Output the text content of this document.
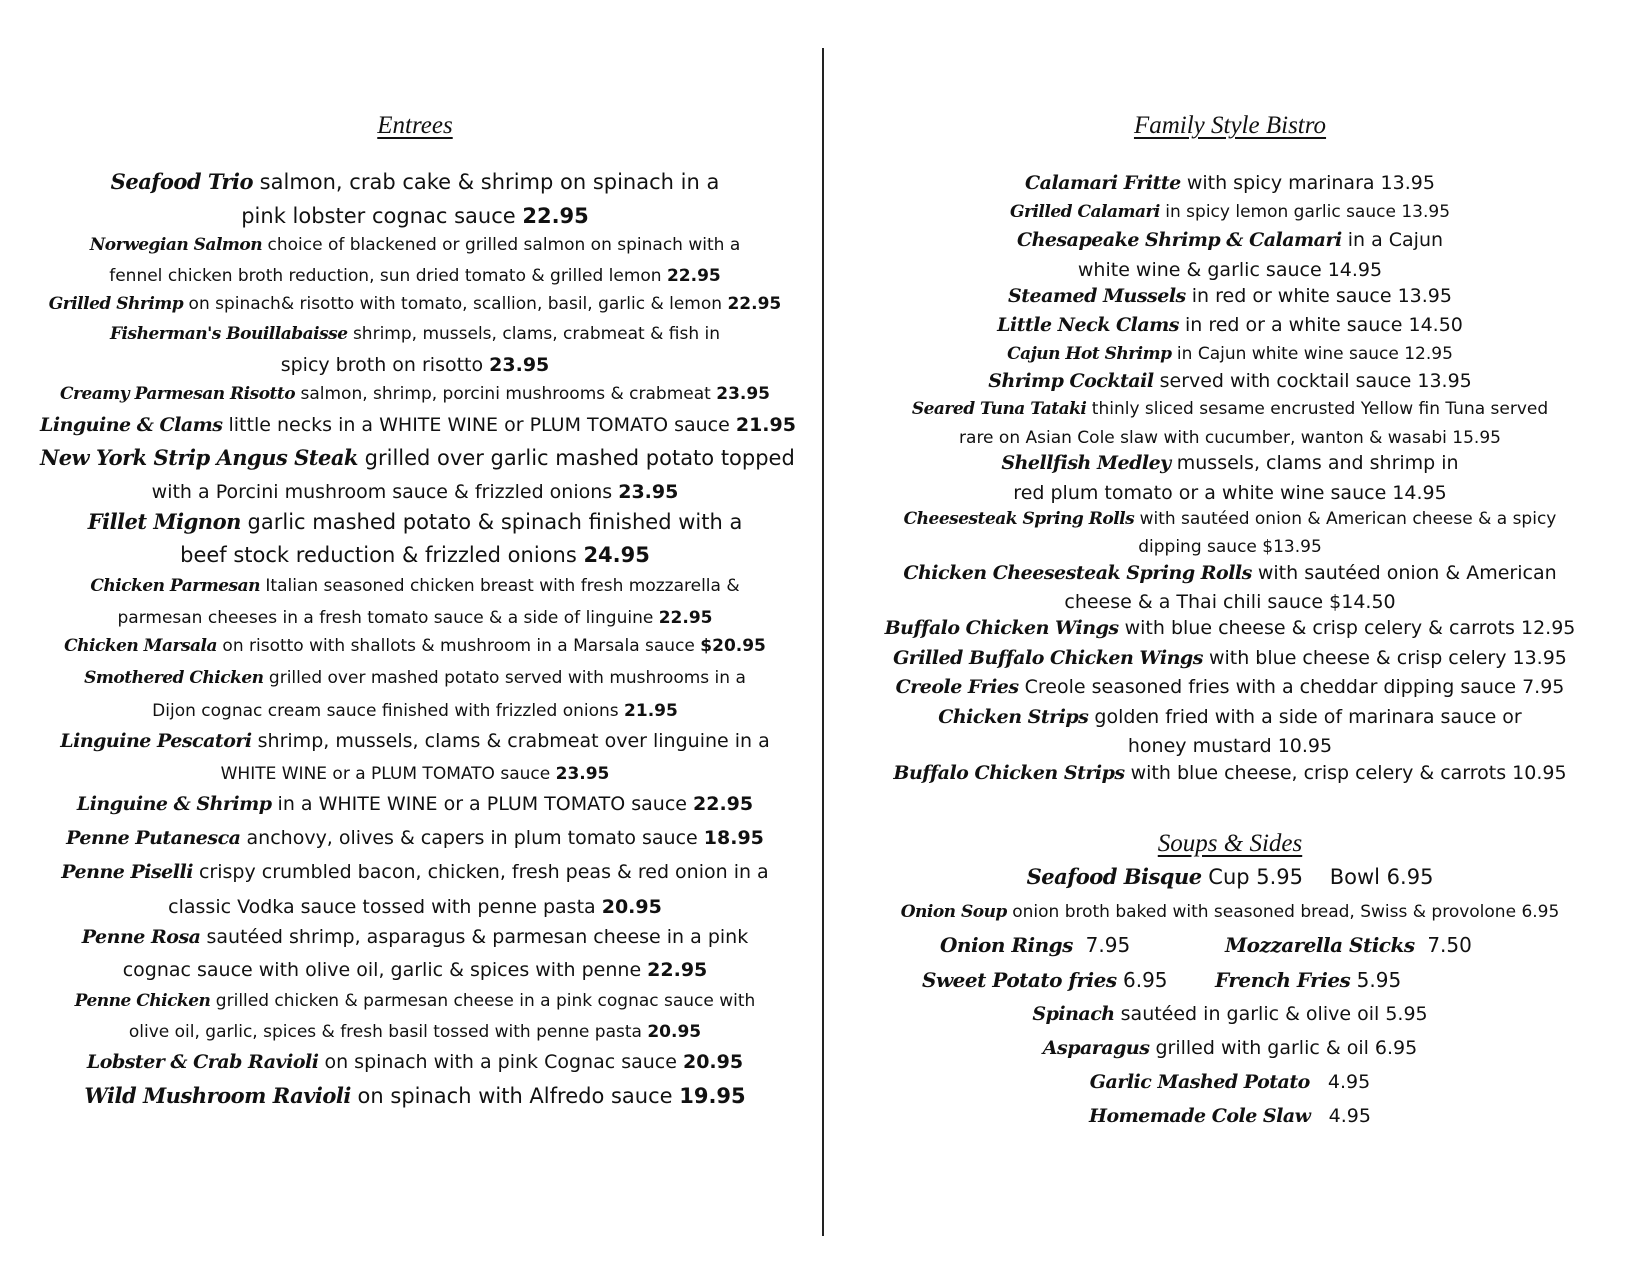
Entrees
Seafood Trio salmon, crab cake & shrimp on spinach in a
pink lobster cognac sauce 22.95
Norwegian Salmon choice of blackened or grilled salmon on spinach with a
fennel chicken broth reduction, sun dried tomato & grilled lemon 22.95
Grilled Shrimp on spinach& risotto with tomato, scallion, basil, garlic & lemon 22.95
Fisherman's Bouillabaisse shrimp, mussels, clams, crabmeat & fish in
spicy broth on risotto 23.95
Creamy Parmesan Risotto salmon, shrimp, porcini mushrooms & crabmeat 23.95
Linguine & Clams little necks in a WHITE WINE or PLUM TOMATO sauce 21.95
New York Strip Angus Steak grilled over garlic mashed potato topped
with a Porcini mushroom sauce & frizzled onions 23.95
Fillet Mignon garlic mashed potato & spinach finished with a
beef stock reduction & frizzled onions 24.95
Chicken Parmesan Italian seasoned chicken breast with fresh mozzarella &
parmesan cheeses in a fresh tomato sauce & a side of linguine 22.95
Chicken Marsala on risotto with shallots & mushroom in a Marsala sauce $20.95
Smothered Chicken grilled over mashed potato served with mushrooms in a
Dijon cognac cream sauce finished with frizzled onions 21.95
Linguine Pescatori shrimp, mussels, clams & crabmeat over linguine in a
WHITE WINE or a PLUM TOMATO sauce 23.95
Linguine & Shrimp in a WHITE WINE or a PLUM TOMATO sauce 22.95
Penne Putanesca anchovy, olives & capers in plum tomato sauce 18.95
Penne Piselli crispy crumbled bacon, chicken, fresh peas & red onion in a
classic Vodka sauce tossed with penne pasta 20.95
Penne Rosa sautéed shrimp, asparagus & parmesan cheese in a pink
cognac sauce with olive oil, garlic & spices with penne 22.95
Penne Chicken grilled chicken & parmesan cheese in a pink cognac sauce with
olive oil, garlic, spices & fresh basil tossed with penne pasta 20.95
Lobster & Crab Ravioli on spinach with a pink Cognac sauce 20.95
Wild Mushroom Ravioli on spinach with Alfredo sauce 19.95
Family Style Bistro
Calamari Fritte with spicy marinara 13.95
Grilled Calamari in spicy lemon garlic sauce 13.95
Chesapeake Shrimp & Calamari in a Cajun
white wine & garlic sauce 14.95
Steamed Mussels in red or white sauce 13.95
Little Neck Clams in red or a white sauce 14.50
Cajun Hot Shrimp in Cajun white wine sauce 12.95
Shrimp Cocktail served with cocktail sauce 13.95
Seared Tuna Tataki thinly sliced sesame encrusted Yellow fin Tuna served
rare on Asian Cole slaw with cucumber, wanton & wasabi 15.95
Shellfish Medley mussels, clams and shrimp in
red plum tomato or a white wine sauce 14.95
Cheesesteak Spring Rolls with sautéed onion & American cheese & a spicy
dipping sauce $13.95
Chicken Cheesesteak Spring Rolls with sautéed onion & American
cheese & a Thai chili sauce $14.50
Buffalo Chicken Wings with blue cheese & crisp celery & carrots 12.95
Grilled Buffalo Chicken Wings with blue cheese & crisp celery 13.95
Creole Fries Creole seasoned fries with a cheddar dipping sauce 7.95
Chicken Strips golden fried with a side of marinara sauce or
honey mustard 10.95
Buffalo Chicken Strips with blue cheese, crisp celery & carrots 10.95
Soups & Sides
Seafood Bisque Cup 5.95 Bowl 6.95
Onion Soup onion broth baked with seasoned bread, Swiss & provolone 6.95
Onion Rings 7.95	Mozzarella Sticks 7.50
Sweet Potato fries 6.95 French Fries 5.95
Spinach sautéed in garlic & olive oil 5.95
Asparagus grilled with garlic & oil 6.95
Garlic Mashed Potato 4.95
Homemade Cole Slaw 4.95
